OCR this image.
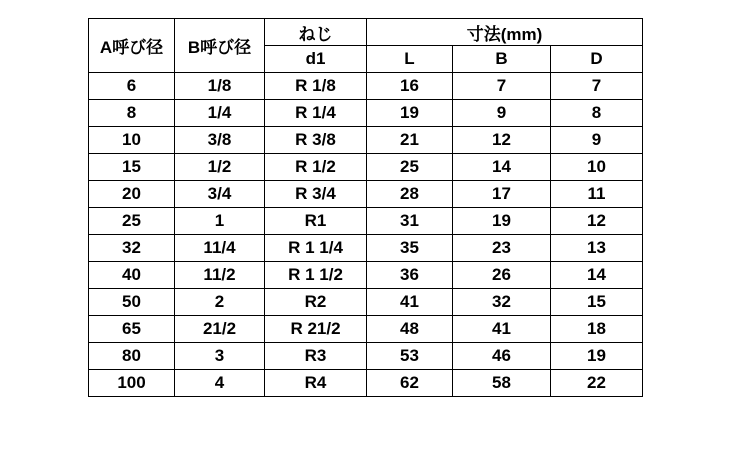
A呼び径	B呼び径	ねじ	寸法(mm)		
		d1	L	B	D
6	1/8	R 1/8	16	7	7
8	1/4	R 1/4	19	9	8
10	3/8	R 3/8	21	12	9
15	1/2	R 1/2	25	14	10
20	3/4	R 3/4	28	17	11
25	1	R1	31	19	12
32	11/4	R 1 1/4	35	23	13
40	11/2	R 1 1/2	36	26	14
50	2	R2	41	32	15
65	21/2	R 21/2	48	41	18
80	3	R3	53	46	19
100	4	R4	62	58	22
